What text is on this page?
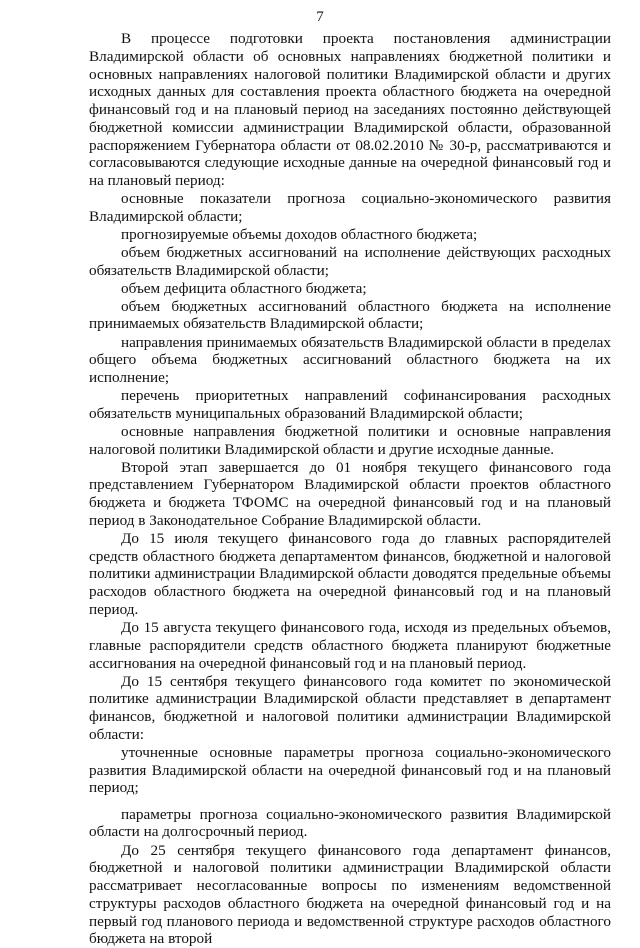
7

В процессе подготовки проекта постановления администрации Владимирской области об основных направлениях бюджетной политики и основных направлениях налоговой политики Владимирской области и других исходных данных для составления проекта областного бюджета на очередной финансовый год и на плановый период на заседаниях постоянно действующей бюджетной комиссии администрации Владимирской области, образованной распоряжением Губернатора области от 08.02.2010 № 30-р, рассматриваются и согласовываются следующие исходные данные на очередной финансовый год и на плановый период:

основные показатели прогноза социально-экономического развития Владимирской области;

прогнозируемые объемы доходов областного бюджета;

объем бюджетных ассигнований на исполнение действующих расходных обязательств Владимирской области;

объем дефицита областного бюджета;

объем бюджетных ассигнований областного бюджета на исполнение принимаемых обязательств Владимирской области;

направления принимаемых обязательств Владимирской области в пределах общего объема бюджетных ассигнований областного бюджета на их исполнение;

перечень приоритетных направлений софинансирования расходных обязательств муниципальных образований Владимирской области;

основные направления бюджетной политики и основные направления налоговой политики Владимирской области и другие исходные данные.

Второй этап завершается до 01 ноября текущего финансового года представлением Губернатором Владимирской области проектов областного бюджета и бюджета ТФОМС на очередной финансовый год и на плановый период в Законодательное Собрание Владимирской области.

До 15 июля текущего финансового года до главных распорядителей средств областного бюджета департаментом финансов, бюджетной и налоговой политики администрации Владимирской области доводятся предельные объемы расходов областного бюджета на очередной финансовый год и на плановый период.

До 15 августа текущего финансового года, исходя из предельных объемов, главные распорядители средств областного бюджета планируют бюджетные ассигнования на очередной финансовый год и на плановый период.

До 15 сентября текущего финансового года комитет по экономической политике администрации Владимирской области представляет в департамент финансов, бюджетной и налоговой политики администрации Владимирской области:

уточненные основные параметры прогноза социально-экономического развития Владимирской области на очередной финансовый год и на плановый период;

параметры прогноза социально-экономического развития Владимирской области на долгосрочный период.

До 25 сентября текущего финансового года департамент финансов, бюджетной и налоговой политики администрации Владимирской области рассматривает несогласованные вопросы по изменениям ведомственной структуры расходов областного бюджета на очередной финансовый год и на первый год планового периода и ведомственной структуре расходов областного бюджета на второй
